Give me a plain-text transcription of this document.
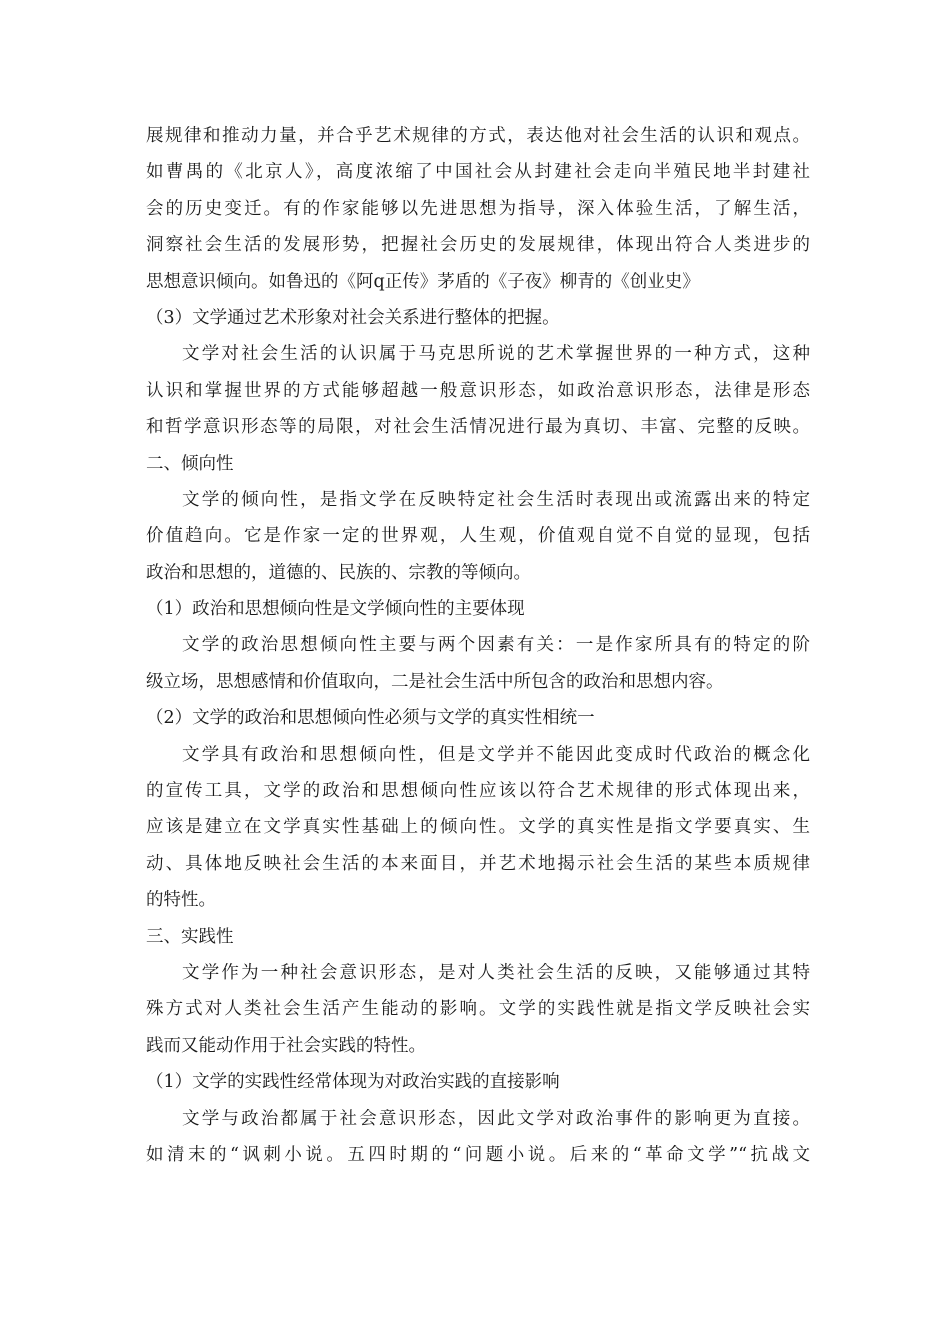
展规律和推动力量，并合乎艺术规律的方式，表达他对社会生活的认识和观点。
如曹禺的《北京人》，高度浓缩了中国社会从封建社会走向半殖民地半封建社
会的历史变迁。有的作家能够以先进思想为指导，深入体验生活，了解生活，
洞察社会生活的发展形势，把握社会历史的发展规律，体现出符合人类进步的
思想意识倾向。如鲁迅的《阿q正传》茅盾的《子夜》柳青的《创业史》
（3）文学通过艺术形象对社会关系进行整体的把握。
文学对社会生活的认识属于马克思所说的艺术掌握世界的一种方式，这种
认识和掌握世界的方式能够超越一般意识形态，如政治意识形态，法律是形态
和哲学意识形态等的局限，对社会生活情况进行最为真切、丰富、完整的反映。
二、倾向性
文学的倾向性，是指文学在反映特定社会生活时表现出或流露出来的特定
价值趋向。它是作家一定的世界观，人生观，价值观自觉不自觉的显现，包括
政治和思想的，道德的、民族的、宗教的等倾向。
（1）政治和思想倾向性是文学倾向性的主要体现
文学的政治思想倾向性主要与两个因素有关：一是作家所具有的特定的阶
级立场，思想感情和价值取向，二是社会生活中所包含的政治和思想内容。
（2）文学的政治和思想倾向性必须与文学的真实性相统一
文学具有政治和思想倾向性，但是文学并不能因此变成时代政治的概念化
的宣传工具，文学的政治和思想倾向性应该以符合艺术规律的形式体现出来，
应该是建立在文学真实性基础上的倾向性。文学的真实性是指文学要真实、生
动、具体地反映社会生活的本来面目，并艺术地揭示社会生活的某些本质规律
的特性。
三、实践性
文学作为一种社会意识形态，是对人类社会生活的反映，又能够通过其特
殊方式对人类社会生活产生能动的影响。文学的实践性就是指文学反映社会实
践而又能动作用于社会实践的特性。
（1）文学的实践性经常体现为对政治实践的直接影响
文学与政治都属于社会意识形态，因此文学对政治事件的影响更为直接。
如清末的“讽刺小说。五四时期的“问题小说。后来的“革命文学”“抗战文
